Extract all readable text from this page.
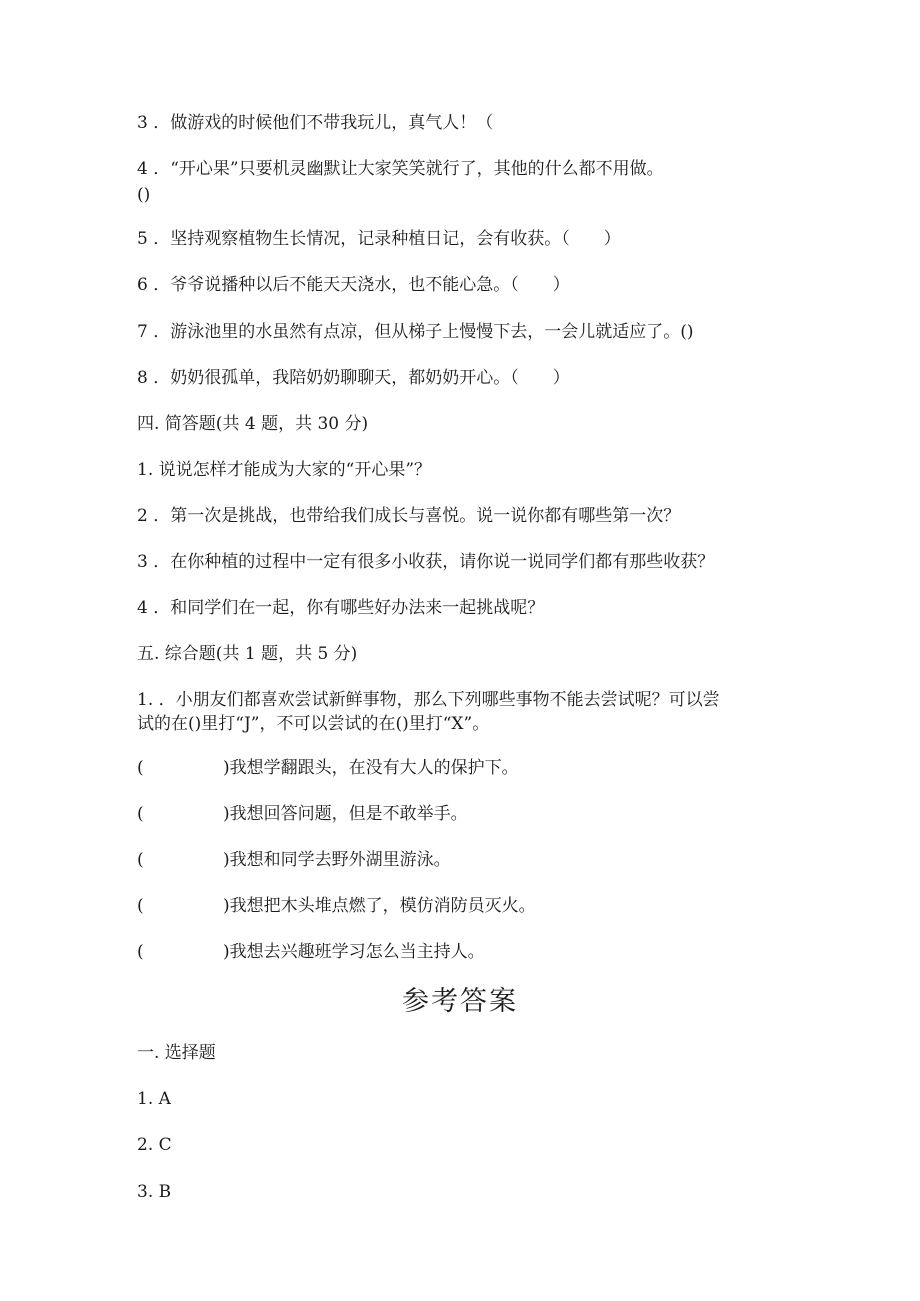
3 ．做游戏的时候他们不带我玩儿，真气人！（
4 ．“开心果”只要机灵幽默让大家笑笑就行了，其他的什么都不用做。
()
5 ．坚持观察植物生长情况，记录种植日记，会有收获。（　　）
6 ．爷爷说播种以后不能天天浇水，也不能心急。（　　）
7 ．游泳池里的水虽然有点凉，但从梯子上慢慢下去，一会儿就适应了。()
8 ．奶奶很孤单，我陪奶奶聊聊天，都奶奶开心。（　　）
四. 简答题(共 4 题，共 30 分)
1. 说说怎样才能成为大家的“开心果”？
2 ．第一次是挑战，也带给我们成长与喜悦。说一说你都有哪些第一次？
3 ．在你种植的过程中一定有很多小收获，请你说一说同学们都有那些收获？
4 ．和同学们在一起，你有哪些好办法来一起挑战呢？
五. 综合题(共 1 题，共 5 分)
1. ．小朋友们都喜欢尝试新鲜事物，那么下列哪些事物不能去尝试呢？可以尝
试的在()里打“J”，不可以尝试的在()里打“X”。
(	)我想学翻跟头，在没有大人的保护下。
(	)我想回答问题，但是不敢举手。
(	)我想和同学去野外湖里游泳。
(	)我想把木头堆点燃了，模仿消防员灭火。
(	)我想去兴趣班学习怎么当主持人。
参考答案
一. 选择题
1. A
2. C
3. B
